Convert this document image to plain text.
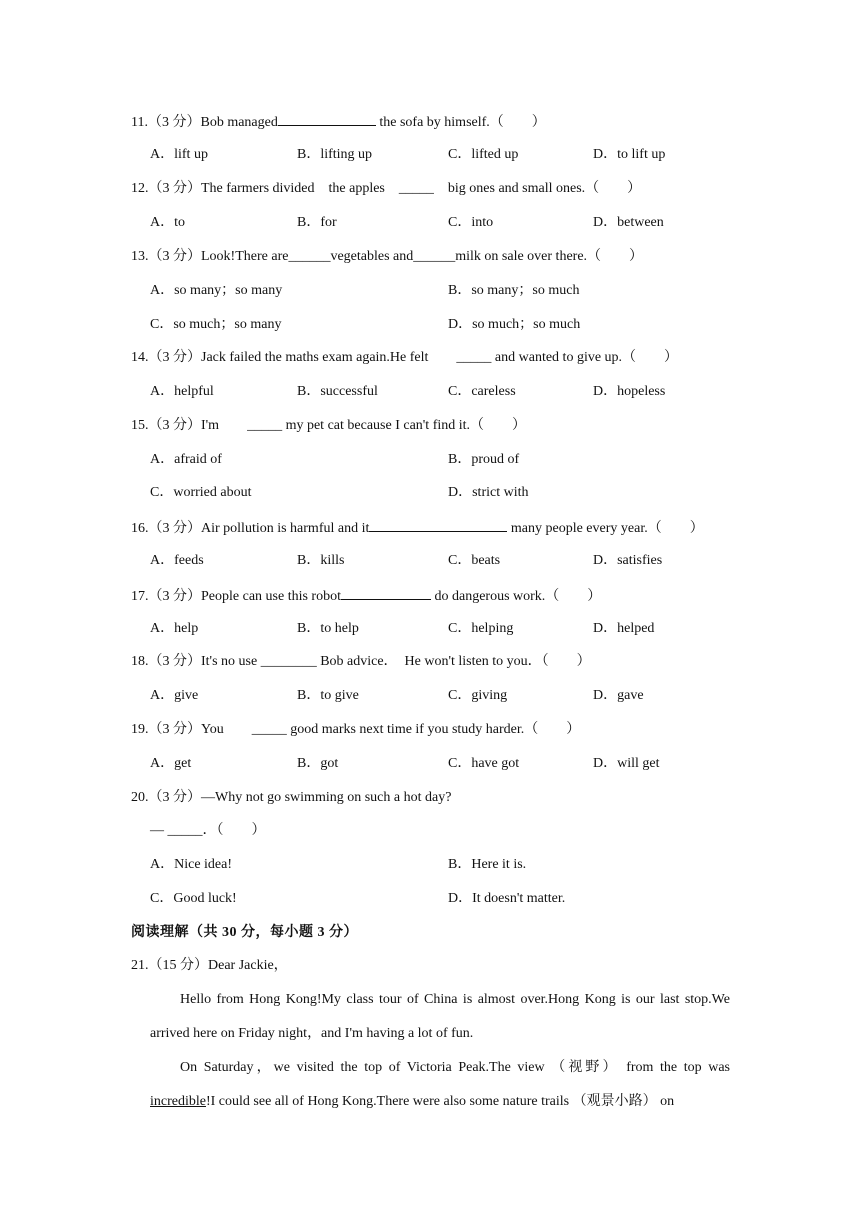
11.（3 分）Bob managed	the sofa by himself.（　　）
A．lift up	B．lifting up	C．lifted up	D．to lift up
12.（3 分）The farmers divided　the apples　_____　big ones and small ones.（　　）
A．to	B．for	C．into	D．between
13.（3 分）Look!There are______vegetables and______milk on sale over there.（　　）
A．so many；so many	B．so many；so much
C．so much；so many	D．so much；so much
14.（3 分）Jack failed the maths exam again.He felt　　_____ and wanted to give up.（　　）
A．helpful	B．successful	C．careless	D．hopeless
15.（3 分）I'm　　_____ my pet cat because I can't find it.（　　）
A．afraid of	B．proud of
C．worried about	D．strict with
16.（3 分）Air pollution is harmful and it	many people every year.（　　）
A．feeds	B．kills	C．beats	D．satisfies
17.（3 分）People can use this robot	do dangerous work.（　　）
A．help	B．to help	C．helping	D．helped
18.（3 分）It's no use ________ Bob advice．　He won't listen to you．（　　）
A．give	B．to give	C．giving	D．gave
19.（3 分）You　　_____ good marks next time if you study harder.（　　）
A．get	B．got	C．have got	D．will get
20.（3 分）—Why not go swimming on such a hot day?
— _____．（　　）
A．Nice idea!	B．Here it is.
C．Good luck!	D．It doesn't matter.
阅读理解（共 30 分，每小题 3 分）
21.（15 分）Dear Jackie，
Hello from Hong Kong!My class tour of China is almost over.Hong Kong is our last stop.We arrived here on Friday night，and I'm having a lot of fun.
On Saturday，we visited the top of Victoria Peak.The view （视野） from the top was incredible!I could see all of Hong Kong.There were also some nature trails （观景小路） on
